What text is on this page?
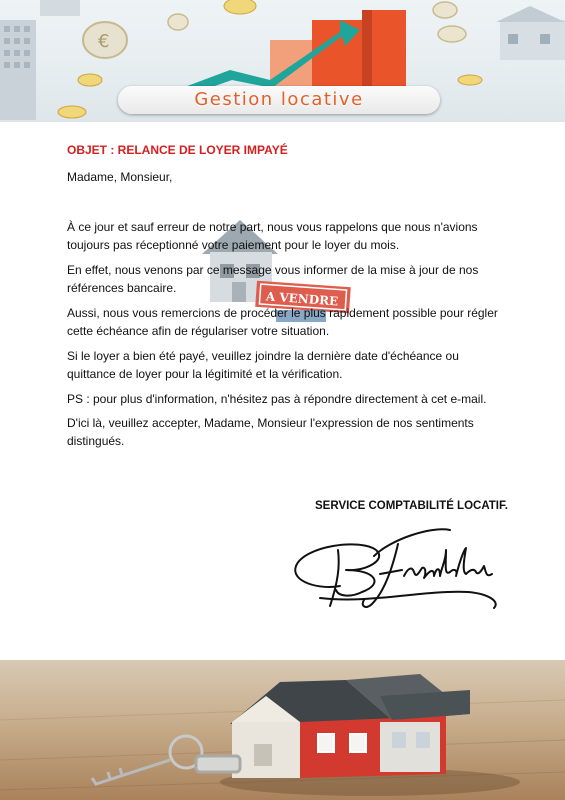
€
Gestion locative
A VENDRE
OBJET : RELANCE DE LOYER IMPAYÉ
Madame, Monsieur,

À ce jour et sauf erreur de notre part, nous vous rappelons que nous n'avions toujours pas réceptionné votre paiement pour le loyer du mois.

En effet, nous venons par ce message vous informer de la mise à jour de nos références bancaire.

Aussi, nous vous remercions de procéder le plus rapidement possible pour régler cette échéance afin de régulariser votre situation.

Si le loyer a bien été payé, veuillez joindre la dernière date d'échéance ou quittance de loyer pour la légitimité et la vérification.

PS : pour plus d'information, n'hésitez pas à répondre directement à cet e-mail.

D'ici là, veuillez accepter, Madame, Monsieur l'expression de nos sentiments distingués.

SERVICE COMPTABILITÉ LOCATIF.
